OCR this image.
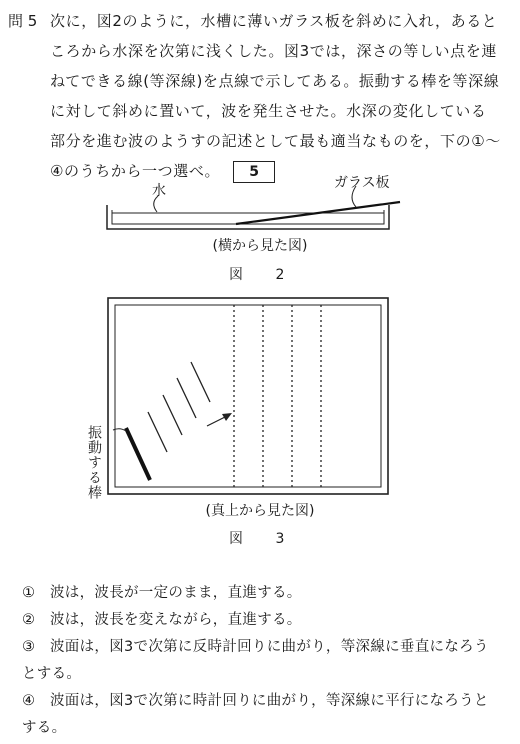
問 5 次に，図2のように，水槽に薄いガラス板を斜めに入れ，あるところから水深を次第に浅くした。図3では，深さの等しい点を連ねてできる線(等深線)を点線で示してある。振動する棒を等深線に対して斜めに置いて，波を発生させた。水深の変化している部分を進む波のようすの記述として最も適当なものを，下の①～④のうちから一つ選べ。 5
水	ガラス板
(横から見た図)
図 2
振動する棒
(真上から見た図)
図 3
① 波は，波長が一定のまま，直進する。
② 波は，波長を変えながら，直進する。
③ 波面は，図3で次第に反時計回りに曲がり，等深線に垂直になろうとする。
④ 波面は，図3で次第に時計回りに曲がり，等深線に平行になろうとする。
